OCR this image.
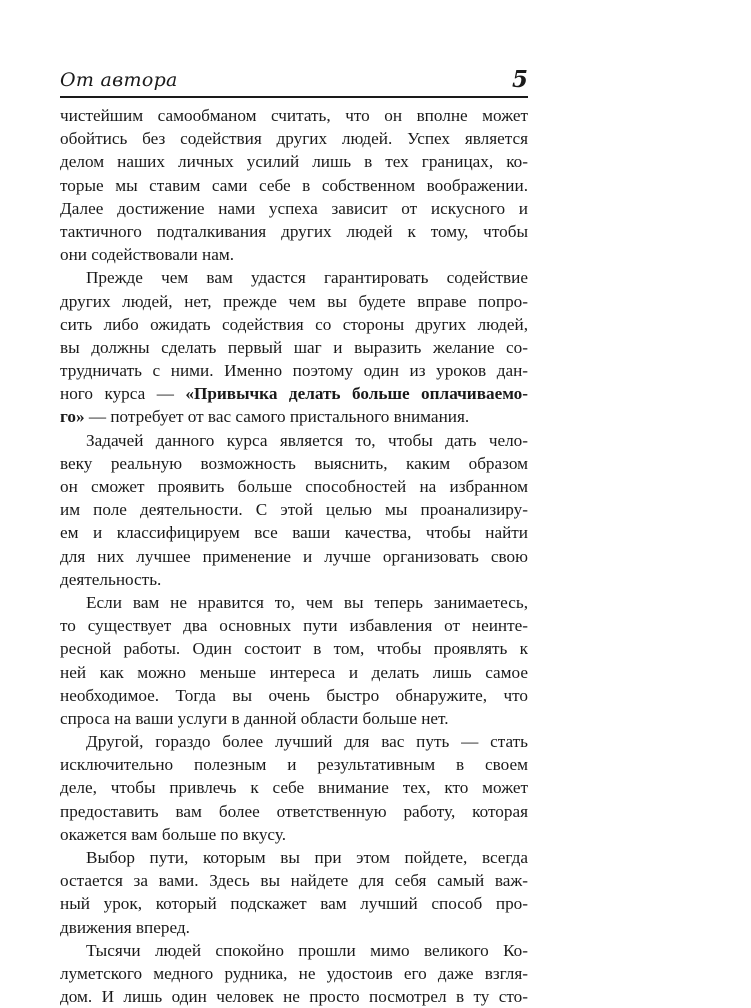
От автора	5
чистейшим самообманом считать, что он вполне может
обойтись без содействия других людей. Успех является
делом наших личных усилий лишь в тех границах, ко-
торые мы ставим сами себе в собственном воображении.
Далее достижение нами успеха зависит от искусного и
тактичного подталкивания других людей к тому, чтобы
они содействовали нам.
Прежде чем вам удастся гарантировать содействие
других людей, нет, прежде чем вы будете вправе попро-
сить либо ожидать содействия со стороны других людей,
вы должны сделать первый шаг и выразить желание со-
трудничать с ними. Именно поэтому один из уроков дан-
ного курса — «Привычка делать больше оплачиваемо-
го» — потребует от вас самого пристального внимания.
Задачей данного курса является то, чтобы дать чело-
веку реальную возможность выяснить, каким образом
он сможет проявить больше способностей на избранном
им поле деятельности. С этой целью мы проанализиру-
ем и классифицируем все ваши качества, чтобы найти
для них лучшее применение и лучше организовать свою
деятельность.
Если вам не нравится то, чем вы теперь занимаетесь,
то существует два основных пути избавления от неинте-
ресной работы. Один состоит в том, чтобы проявлять к
ней как можно меньше интереса и делать лишь самое
необходимое. Тогда вы очень быстро обнаружите, что
спроса на ваши услуги в данной области больше нет.
Другой, гораздо более лучший для вас путь — стать
исключительно полезным и результативным в своем
деле, чтобы привлечь к себе внимание тех, кто может
предоставить вам более ответственную работу, которая
окажется вам больше по вкусу.
Выбор пути, которым вы при этом пойдете, всегда
остается за вами. Здесь вы найдете для себя самый важ-
ный урок, который подскажет вам лучший способ про-
движения вперед.
Тысячи людей спокойно прошли мимо великого Ко-
луметского медного рудника, не удостоив его даже взгля-
дом. И лишь один человек не просто посмотрел в ту сто-
